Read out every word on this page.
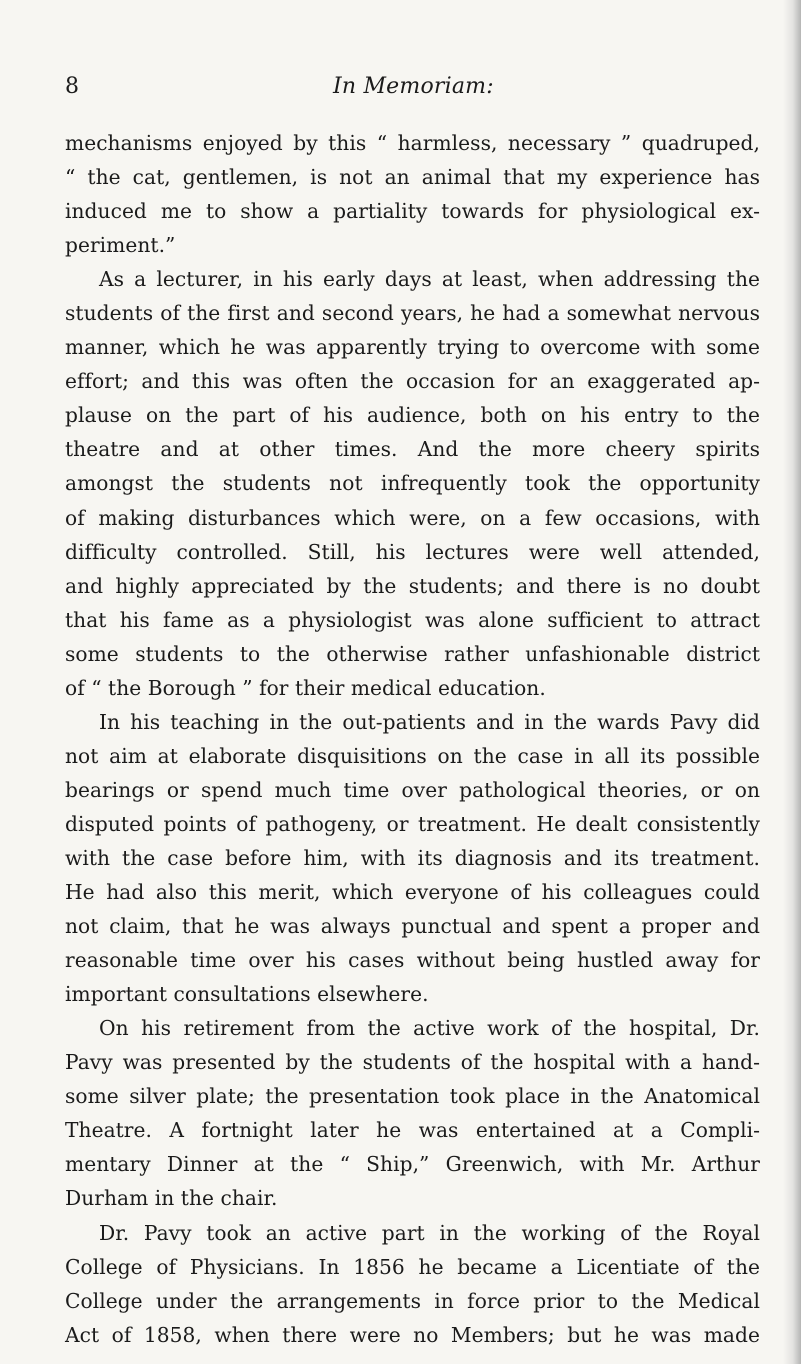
8	In Memoriam:
mechanisms enjoyed by this “ harmless, necessary ” quadruped,
“ the cat, gentlemen, is not an animal that my experience has
induced me to show a partiality towards for physiological ex-
periment.”
As a lecturer, in his early days at least, when addressing the
students of the first and second years, he had a somewhat nervous
manner, which he was apparently trying to overcome with some
effort; and this was often the occasion for an exaggerated ap-
plause on the part of his audience, both on his entry to the
theatre and at other times. And the more cheery spirits
amongst the students not infrequently took the opportunity
of making disturbances which were, on a few occasions, with
difficulty controlled. Still, his lectures were well attended,
and highly appreciated by the students; and there is no doubt
that his fame as a physiologist was alone sufficient to attract
some students to the otherwise rather unfashionable district
of “ the Borough ” for their medical education.
In his teaching in the out-patients and in the wards Pavy did
not aim at elaborate disquisitions on the case in all its possible
bearings or spend much time over pathological theories, or on
disputed points of pathogeny, or treatment. He dealt consistently
with the case before him, with its diagnosis and its treatment.
He had also this merit, which everyone of his colleagues could
not claim, that he was always punctual and spent a proper and
reasonable time over his cases without being hustled away for
important consultations elsewhere.
On his retirement from the active work of the hospital, Dr.
Pavy was presented by the students of the hospital with a hand-
some silver plate; the presentation took place in the Anatomical
Theatre. A fortnight later he was entertained at a Compli-
mentary Dinner at the “ Ship,” Greenwich, with Mr. Arthur
Durham in the chair.
Dr. Pavy took an active part in the working of the Royal
College of Physicians. In 1856 he became a Licentiate of the
College under the arrangements in force prior to the Medical
Act of 1858, when there were no Members; but he was made
